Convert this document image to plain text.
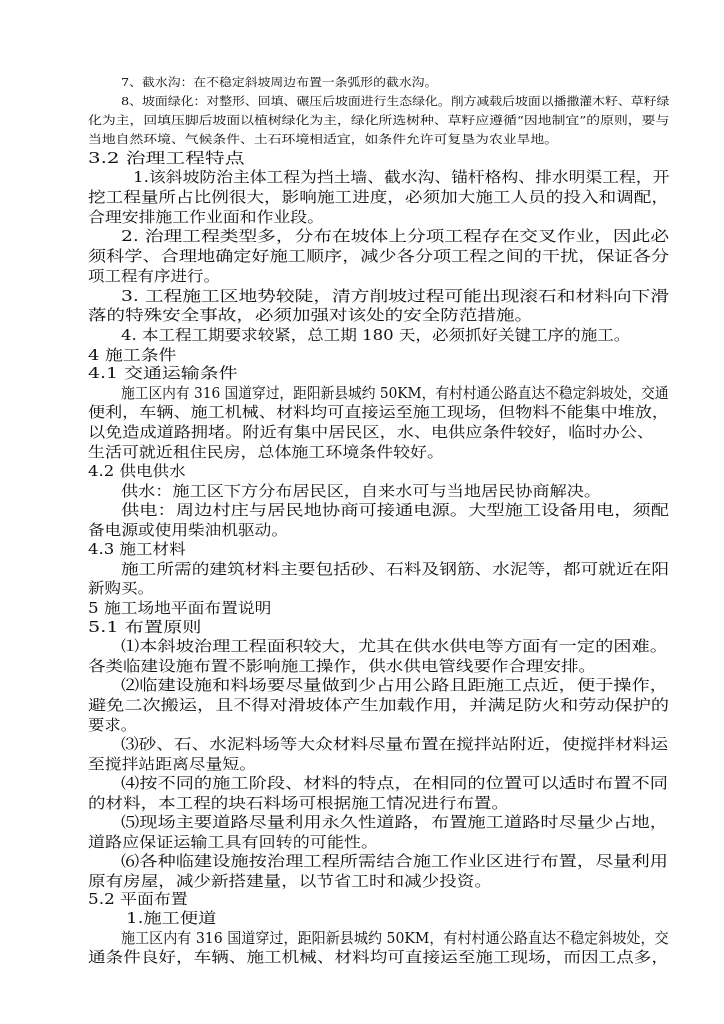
7、截水沟：在不稳定斜坡周边布置一条弧形的截水沟。
8、坡面绿化：对整形、回填、碾压后坡面进行生态绿化。削方减载后坡面以播撒灌木籽、草籽绿
化为主，回填压脚后坡面以植树绿化为主，绿化所选树种、草籽应遵循“因地制宜”的原则，要与
当地自然环境、气候条件、土石环境相适宜，如条件允许可复垦为农业旱地。
3.2 治理工程特点
1.该斜坡防治主体工程为挡土墙、截水沟、锚杆格构、排水明渠工程，开
挖工程量所占比例很大，影响施工进度，必须加大施工人员的投入和调配，
合理安排施工作业面和作业段。
2. 治理工程类型多，分布在坡体上分项工程存在交叉作业，因此必
须科学、合理地确定好施工顺序，减少各分项工程之间的干扰，保证各分
项工程有序进行。
3. 工程施工区地势较陡，清方削坡过程可能出现滚石和材料向下滑
落的特殊安全事故，必须加强对该处的安全防范措施。
4. 本工程工期要求较紧，总工期 180 天，必须抓好关键工序的施工。
4 施工条件
4.1 交通运输条件
施工区内有 316 国道穿过，距阳新县城约 50KM，有村村通公路直达不稳定斜坡处，交通
便利，车辆、施工机械、材料均可直接运至施工现场，但物料不能集中堆放，
以免造成道路拥堵。附近有集中居民区，水、电供应条件较好，临时办公、
生活可就近租住民房，总体施工环境条件较好。
4.2 供电供水
供水：施工区下方分布居民区，自来水可与当地居民协商解决。
供电：周边村庄与居民地协商可接通电源。大型施工设备用电，须配
备电源或使用柴油机驱动。
4.3 施工材料
施工所需的建筑材料主要包括砂、石料及钢筋、水泥等，都可就近在阳
新购买。
5 施工场地平面布置说明
5.1 布置原则
⑴本斜坡治理工程面积较大，尤其在供水供电等方面有一定的困难。
各类临建设施布置不影响施工操作，供水供电管线要作合理安排。
⑵临建设施和料场要尽量做到少占用公路且距施工点近，便于操作，
避免二次搬运，且不得对滑坡体产生加载作用，并满足防火和劳动保护的
要求。
⑶砂、石、水泥料场等大众材料尽量布置在搅拌站附近，使搅拌材料运
至搅拌站距离尽量短。
⑷按不同的施工阶段、材料的特点，在相同的位置可以适时布置不同
的材料，本工程的块石料场可根据施工情况进行布置。
⑸现场主要道路尽量利用永久性道路，布置施工道路时尽量少占地，
道路应保证运输工具有回转的可能性。
⑹各种临建设施按治理工程所需结合施工作业区进行布置，尽量利用
原有房屋，减少新搭建量，以节省工时和减少投资。
5.2 平面布置
1.施工便道
施工区内有 316 国道穿过，距阳新县城约 50KM，有村村通公路直达不稳定斜坡处，交
通条件良好，车辆、施工机械、材料均可直接运至施工现场，而因工点多，
